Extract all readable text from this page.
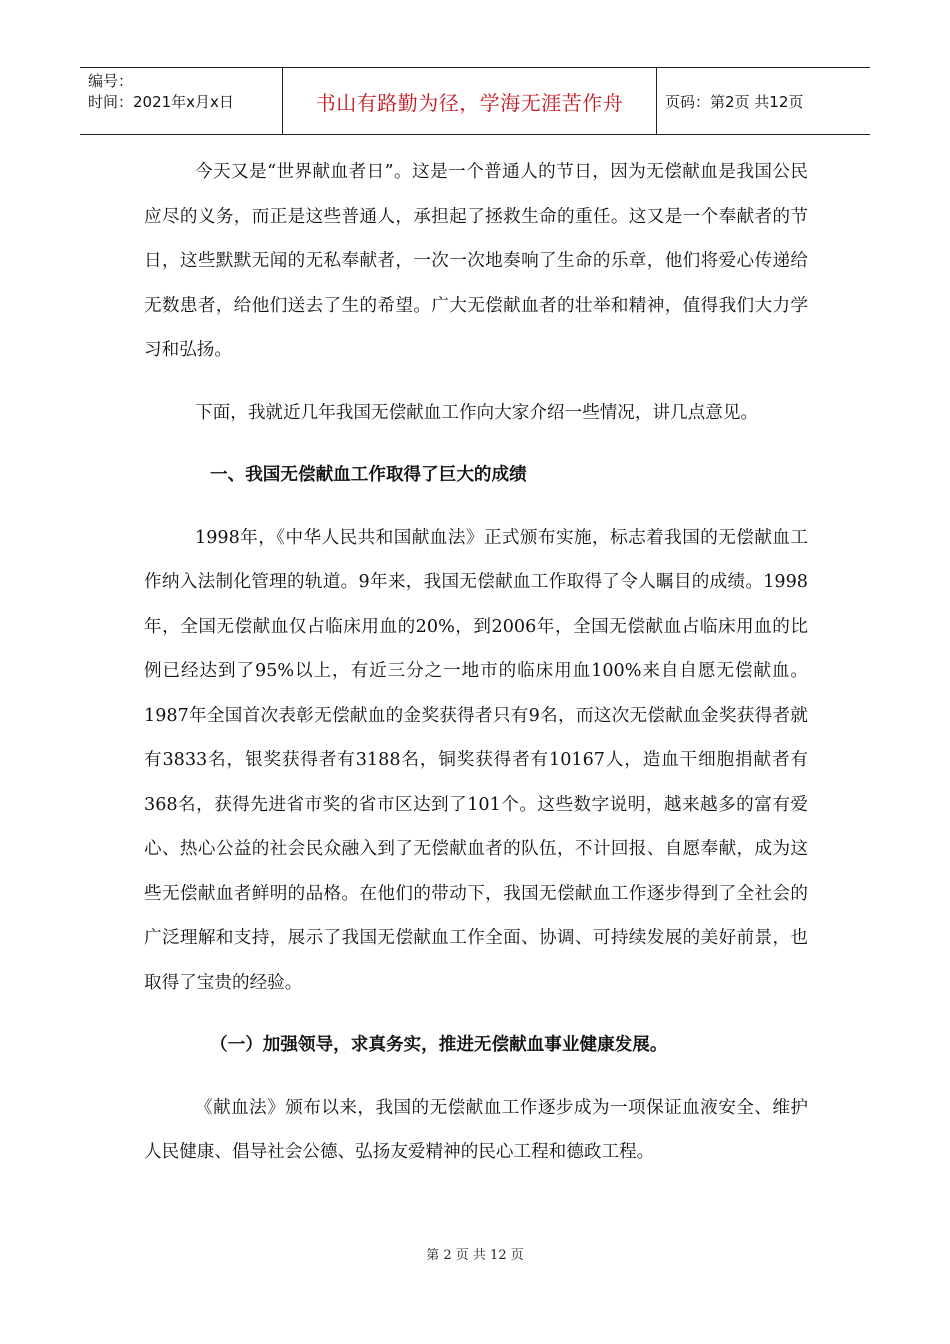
编号：
时间：2021年x月x日	书山有路勤为径，学海无涯苦作舟	页码：第2页 共12页

今天又是“世界献血者日”。这是一个普通人的节日，因为无偿献血是我国公民应尽的义务，而正是这些普通人，承担起了拯救生命的重任。这又是一个奉献者的节日，这些默默无闻的无私奉献者，一次一次地奏响了生命的乐章，他们将爱心传递给无数患者，给他们送去了生的希望。广大无偿献血者的壮举和精神，值得我们大力学习和弘扬。

下面，我就近几年我国无偿献血工作向大家介绍一些情况，讲几点意见。

一、我国无偿献血工作取得了巨大的成绩

1998年，《中华人民共和国献血法》正式颁布实施，标志着我国的无偿献血工作纳入法制化管理的轨道。9年来，我国无偿献血工作取得了令人瞩目的成绩。1998年，全国无偿献血仅占临床用血的20%，到2006年，全国无偿献血占临床用血的比例已经达到了95%以上，有近三分之一地市的临床用血100%来自自愿无偿献血。1987年全国首次表彰无偿献血的金奖获得者只有9名，而这次无偿献血金奖获得者就有3833名，银奖获得者有3188名，铜奖获得者有10167人，造血干细胞捐献者有368名，获得先进省市奖的省市区达到了101个。这些数字说明，越来越多的富有爱心、热心公益的社会民众融入到了无偿献血者的队伍，不计回报、自愿奉献，成为这些无偿献血者鲜明的品格。在他们的带动下，我国无偿献血工作逐步得到了全社会的广泛理解和支持，展示了我国无偿献血工作全面、协调、可持续发展的美好前景，也取得了宝贵的经验。

（一）加强领导，求真务实，推进无偿献血事业健康发展。

《献血法》颁布以来，我国的无偿献血工作逐步成为一项保证血液安全、维护人民健康、倡导社会公德、弘扬友爱精神的民心工程和德政工程。

第 2 页 共 12 页
